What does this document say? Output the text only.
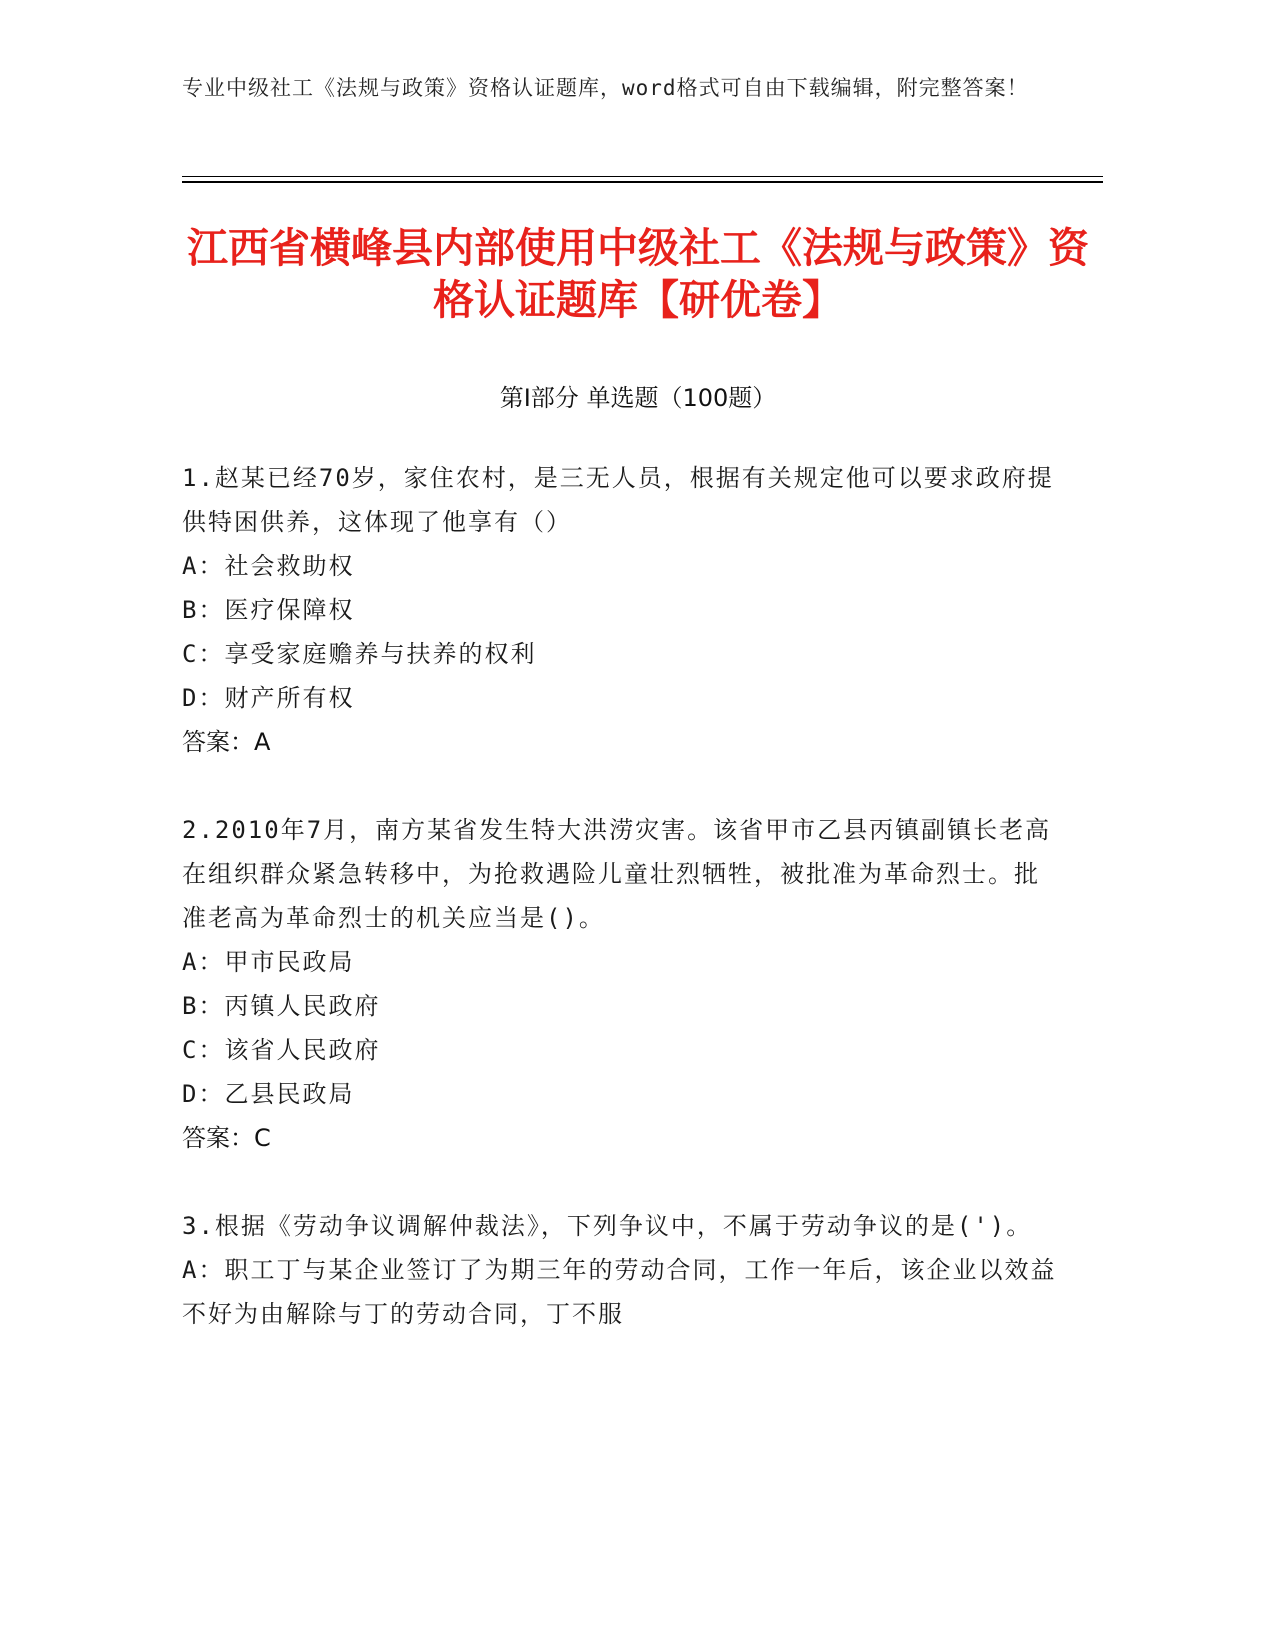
专业中级社工《法规与政策》资格认证题库，word格式可自由下载编辑，附完整答案！
江西省横峰县内部使用中级社工《法规与政策》资格认证题库【研优卷】
第I部分 单选题（100题）
1.赵某已经70岁，家住农村，是三无人员，根据有关规定他可以要求政府提供特困供养，这体现了他享有（）
A：社会救助权
B：医疗保障权
C：享受家庭赡养与扶养的权利
D：财产所有权
答案：A
2.2010年7月，南方某省发生特大洪涝灾害。该省甲市乙县丙镇副镇长老高在组织群众紧急转移中，为抢救遇险儿童壮烈牺牲，被批准为革命烈士。批准老高为革命烈士的机关应当是()。
A：甲市民政局
B：丙镇人民政府
C：该省人民政府
D：乙县民政局
答案：C
3.根据《劳动争议调解仲裁法》，下列争议中，不属于劳动争议的是(')。
A：职工丁与某企业签订了为期三年的劳动合同，工作一年后，该企业以效益不好为由解除与丁的劳动合同，丁不服
